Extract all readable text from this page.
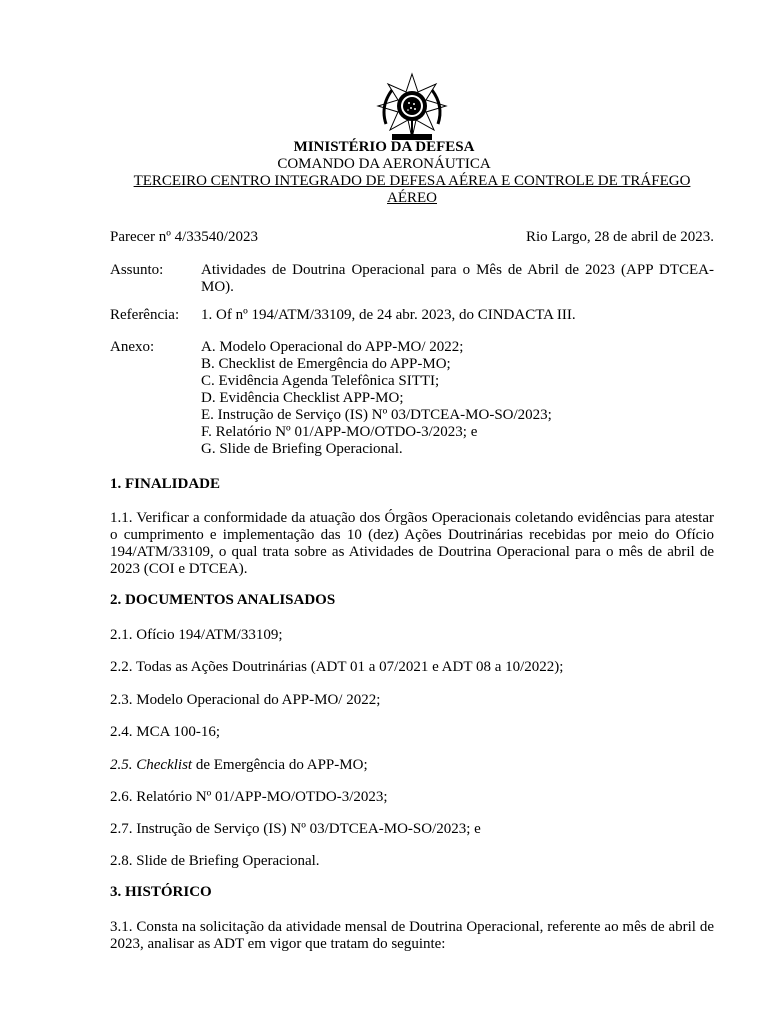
MINISTÉRIO DA DEFESA
COMANDO DA AERONÁUTICA
TERCEIRO CENTRO INTEGRADO DE DEFESA AÉREA E CONTROLE DE TRÁFEGO AÉREO
Parecer nº 4/33540/2023	Rio Largo, 28 de abril de 2023.
Assunto:	Atividades de Doutrina Operacional para o Mês de Abril de 2023 (APP DTCEA-MO).
Referência: 1. Of nº 194/ATM/33109, de 24 abr. 2023, do CINDACTA III.
Anexo:	A. Modelo Operacional do APP-MO/ 2022;
B. Checklist de Emergência do APP-MO;
C. Evidência Agenda Telefônica SITTI;
D. Evidência Checklist APP-MO;
E. Instrução de Serviço (IS) Nº 03/DTCEA-MO-SO/2023;
F. Relatório Nº 01/APP-MO/OTDO-3/2023; e
G. Slide de Briefing Operacional.
1. FINALIDADE
1.1. Verificar a conformidade da atuação dos Órgãos Operacionais coletando evidências para atestar o cumprimento e implementação das 10 (dez) Ações Doutrinárias recebidas por meio do Ofício 194/ATM/33109, o qual trata sobre as Atividades de Doutrina Operacional para o mês de abril de 2023 (COI e DTCEA).
2. DOCUMENTOS ANALISADOS
2.1. Ofício 194/ATM/33109;
2.2. Todas as Ações Doutrinárias (ADT 01 a 07/2021 e ADT 08 a 10/2022);
2.3. Modelo Operacional do APP-MO/ 2022;
2.4. MCA 100-16;
2.5. Checklist de Emergência do APP-MO;
2.6. Relatório Nº 01/APP-MO/OTDO-3/2023;
2.7. Instrução de Serviço (IS) Nº 03/DTCEA-MO-SO/2023; e
2.8. Slide de Briefing Operacional.
3. HISTÓRICO
3.1. Consta na solicitação da atividade mensal de Doutrina Operacional, referente ao mês de abril de 2023, analisar as ADT em vigor que tratam do seguinte:
